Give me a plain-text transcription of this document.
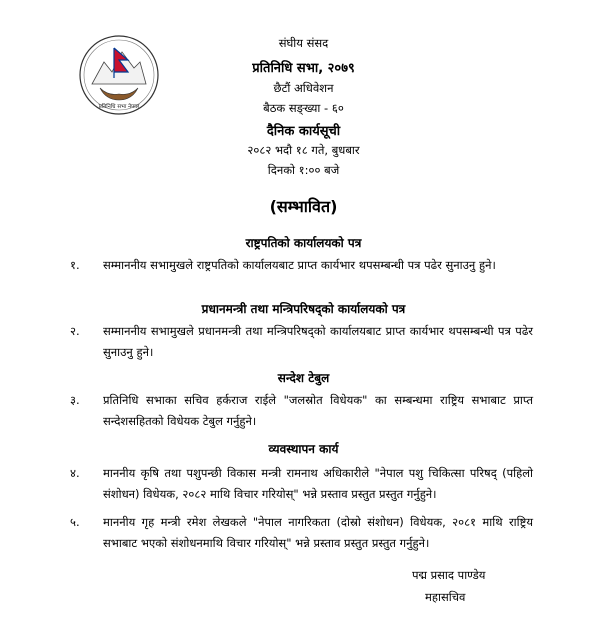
प्रतिनिधि सभा नेपाल
संघीय संसद
प्रतिनिधि सभा, २०७९
छैटौं अधिवेशन
बैठक सङ्ख्या - ६०
दैनिक कार्यसूची
२०८२ भदौ १८ गते, बुधबार
दिनको १:०० बजे
(सम्भावित)
राष्ट्रपतिको कार्यालयको पत्र
१. सम्माननीय सभामुखले राष्ट्रपतिको कार्यालयबाट प्राप्त कार्यभार थपसम्बन्धी पत्र पढेर सुनाउनु हुने।
प्रधानमन्त्री तथा मन्त्रिपरिषद्को कार्यालयको पत्र
२. सम्माननीय सभामुखले प्रधानमन्त्री तथा मन्त्रिपरिषद्को कार्यालयबाट प्राप्त कार्यभार थपसम्बन्धी पत्र पढेर सुनाउनु हुने।
सन्देश टेबुल
३. प्रतिनिधि सभाका सचिव हर्कराज राईले "जलस्रोत विधेयक" का सम्बन्धमा राष्ट्रिय सभाबाट प्राप्त सन्देशसहितको विधेयक टेबुल गर्नुहुने।
व्यवस्थापन कार्य
४. माननीय कृषि तथा पशुपन्छी विकास मन्त्री रामनाथ अधिकारीले "नेपाल पशु चिकित्सा परिषद् (पहिलो संशोधन) विधेयक, २०८२ माथि विचार गरियोस्" भन्ने प्रस्ताव प्रस्तुत प्रस्तुत गर्नुहुने।
५. माननीय गृह मन्त्री रमेश लेखकले "नेपाल नागरिकता (दोस्रो संशोधन) विधेयक, २०८१ माथि राष्ट्रिय सभाबाट भएको संशोधनमाथि विचार गरियोस्" भन्ने प्रस्ताव प्रस्तुत प्रस्तुत गर्नुहुने।
पद्म प्रसाद पाण्डेय
महासचिव
